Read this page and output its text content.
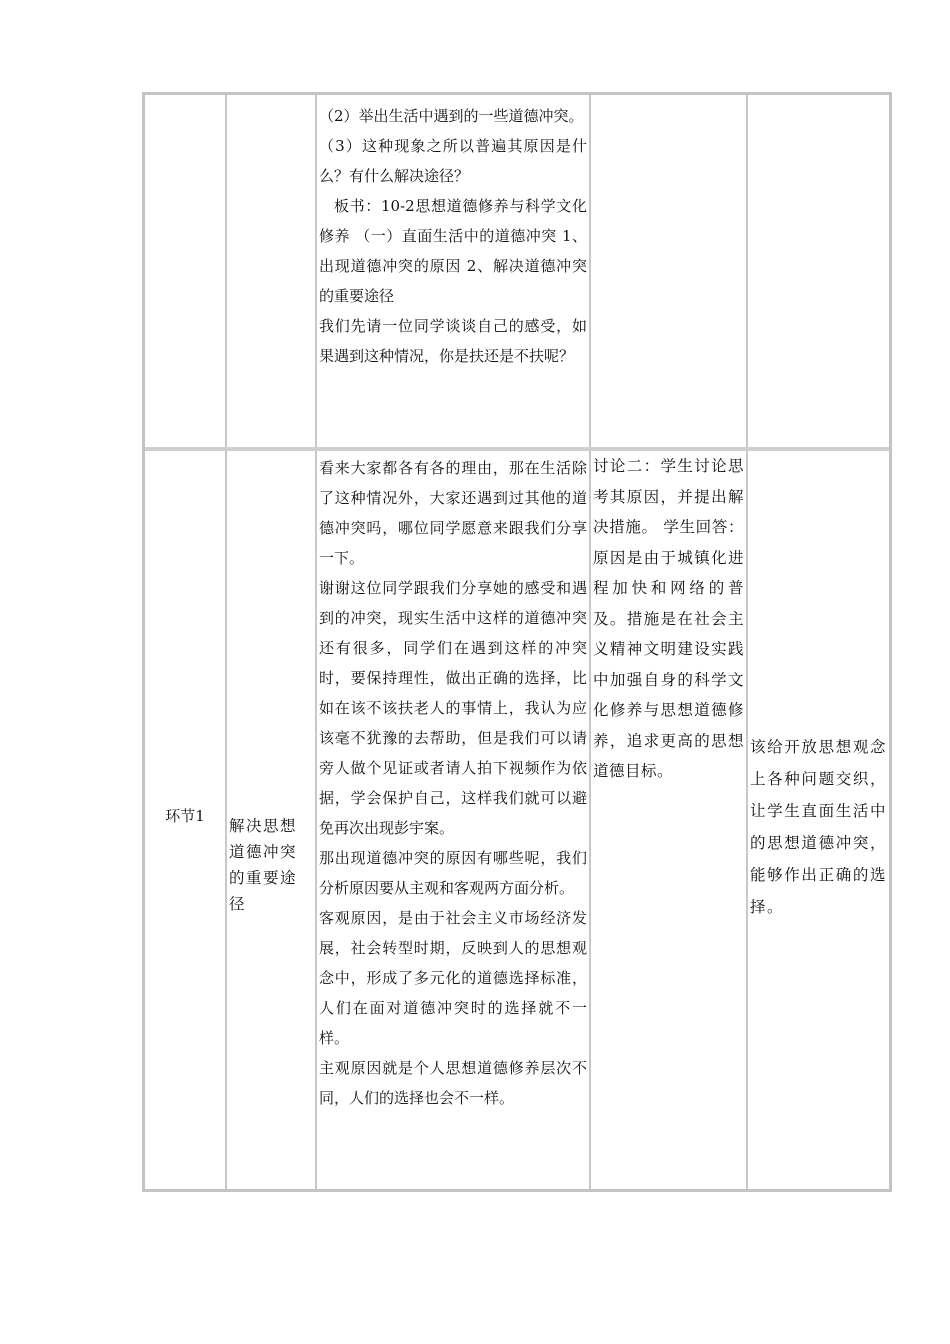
（2）举出生活中遇到的一些道德冲突。

（3）这种现象之所以普遍其原因是什么？有什么解决途径？

板书：10-2思想道德修养与科学文化修养 （一）直面生活中的道德冲突 1、出现道德冲突的原因 2、解决道德冲突的重要途径

我们先请一位同学谈谈自己的感受，如果遇到这种情况，你是扶还是不扶呢？

环节1

解决思想道德冲突的重要途径

看来大家都各有各的理由，那在生活除了这种情况外，大家还遇到过其他的道德冲突吗，哪位同学愿意来跟我们分享一下。

谢谢这位同学跟我们分享她的感受和遇到的冲突，现实生活中这样的道德冲突还有很多，同学们在遇到这样的冲突时，要保持理性，做出正确的选择，比如在该不该扶老人的事情上，我认为应该毫不犹豫的去帮助，但是我们可以请旁人做个见证或者请人拍下视频作为依据，学会保护自己，这样我们就可以避免再次出现彭宇案。

那出现道德冲突的原因有哪些呢，我们分析原因要从主观和客观两方面分析。

客观原因，是由于社会主义市场经济发展，社会转型时期，反映到人的思想观念中，形成了多元化的道德选择标准，人们在面对道德冲突时的选择就不一样。

主观原因就是个人思想道德修养层次不同，人们的选择也会不一样。

讨论二：学生讨论思考其原因，并提出解决措施。 学生回答：原因是由于城镇化进程加快和网络的普及。措施是在社会主义精神文明建设实践中加强自身的科学文化修养与思想道德修养，追求更高的思想道德目标。

该给开放思想观念上各种问题交织，让学生直面生活中的思想道德冲突，能够作出正确的选择。
